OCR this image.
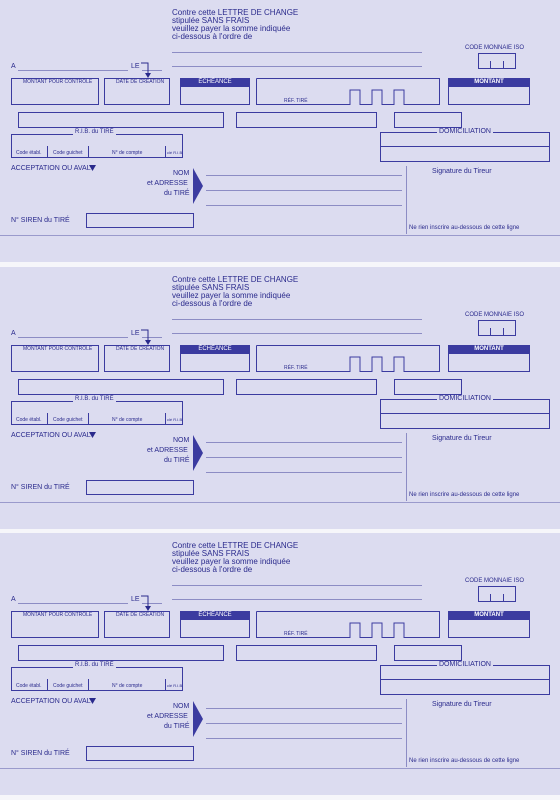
Contre cette LETTRE DE CHANGE
stipulée SANS FRAIS
veuillez payer la somme indiquée
ci-dessous à l'ordre de
CODE MONNAIE ISO
A	LE
MONTANT POUR CONTRÔLE	DATE DE CRÉATION	ÉCHÉANCE
RÉF. TIRÉ
MONTANT
R.I.B. du TIRÉ
Code établ. Code guichet	N° de compte	clé R.I.B.
DOMICILIATION
ACCEPTATION OU AVAL
NOM
et ADRESSE
du TIRÉ
Signature du Tireur
N° SIREN du TIRÉ
Ne rien inscrire au-dessous de cette ligne
Contre cette LETTRE DE CHANGE
stipulée SANS FRAIS
veuillez payer la somme indiquée
ci-dessous à l'ordre de
CODE MONNAIE ISO
A	LE
MONTANT POUR CONTRÔLE	DATE DE CRÉATION	ÉCHÉANCE
RÉF. TIRÉ
MONTANT
R.I.B. du TIRÉ
Code établ. Code guichet	N° de compte	clé R.I.B.
DOMICILIATION
ACCEPTATION OU AVAL
NOM
et ADRESSE
du TIRÉ
Signature du Tireur
N° SIREN du TIRÉ
Ne rien inscrire au-dessous de cette ligne
Contre cette LETTRE DE CHANGE
stipulée SANS FRAIS
veuillez payer la somme indiquée
ci-dessous à l'ordre de
CODE MONNAIE ISO
A	LE
MONTANT POUR CONTRÔLE	DATE DE CRÉATION	ÉCHÉANCE
RÉF. TIRÉ
MONTANT
R.I.B. du TIRÉ
Code établ. Code guichet	N° de compte	clé R.I.B.
DOMICILIATION
ACCEPTATION OU AVAL
NOM
et ADRESSE
du TIRÉ
Signature du Tireur
N° SIREN du TIRÉ
Ne rien inscrire au-dessous de cette ligne
